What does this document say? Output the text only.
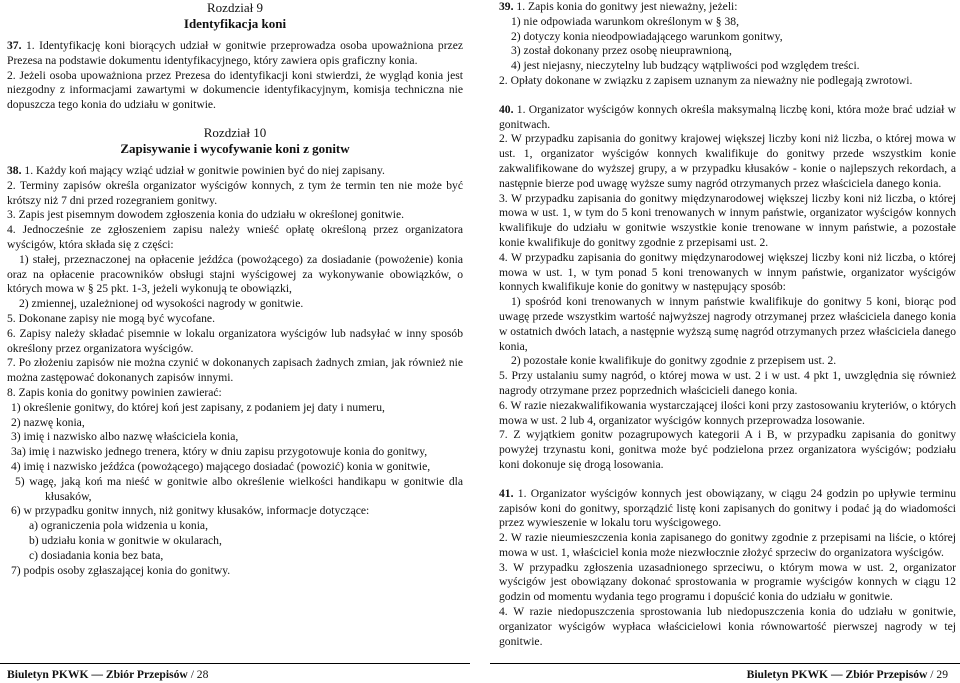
Rozdział 9
Identyfikacja koni

37. 1. Identyfikację koni biorących udział w gonitwie przeprowadza osoba upoważniona przez Prezesa na podstawie dokumentu identyfikacyjnego, który zawiera opis graficzny konia.

2. Jeżeli osoba upoważniona przez Prezesa do identyfikacji koni stwierdzi, że wygląd konia jest niezgodny z informacjami zawartymi w dokumencie identyfikacyjnym, komisja techniczna nie dopuszcza tego konia do udziału w gonitwie.

Rozdział 10
Zapisywanie i wycofywanie koni z gonitw

38. 1. Każdy koń mający wziąć udział w gonitwie powinien być do niej zapisany.

2. Terminy zapisów określa organizator wyścigów konnych, z tym że termin ten nie może być krótszy niż 7 dni przed rozegraniem gonitwy.

3. Zapis jest pisemnym dowodem zgłoszenia konia do udziału w określonej gonitwie.

4. Jednocześnie ze zgłoszeniem zapisu należy wnieść opłatę określoną przez organizatora wyścigów, która składa się z części:

1) stałej, przeznaczonej na opłacenie jeźdźca (powożącego) za dosiadanie (powożenie) konia oraz na opłacenie pracowników obsługi stajni wyścigowej za wykonywanie obowiązków, o których mowa w § 25 pkt. 1-3, jeżeli wykonują te obowiązki,

2) zmiennej, uzależnionej od wysokości nagrody w gonitwie.

5. Dokonane zapisy nie mogą być wycofane.

6. Zapisy należy składać pisemnie w lokalu organizatora wyścigów lub nadsyłać w inny sposób określony przez organizatora wyścigów.

7. Po złożeniu zapisów nie można czynić w dokonanych zapisach żadnych zmian, jak również nie można zastępować dokonanych zapisów innymi.

8. Zapis konia do gonitwy powinien zawierać:

1) określenie gonitwy, do której koń jest zapisany, z podaniem jej daty i numeru,

2) nazwę konia,

3) imię i nazwisko albo nazwę właściciela konia,

3a) imię i nazwisko jednego trenera, który w dniu zapisu przygotowuje konia do gonitwy,

4) imię i nazwisko jeźdźca (powożącego) mającego dosiadać (powozić) konia w gonitwie,

5) wagę, jaką koń ma nieść w gonitwie albo określenie wielkości handikapu w gonitwie dla kłusaków,

6) w przypadku gonitw innych, niż gonitwy kłusaków, informacje dotyczące:

a) ograniczenia pola widzenia u konia,

b) udziału konia w gonitwie w okularach,

c) dosiadania konia bez bata,

7) podpis osoby zgłaszającej konia do gonitwy.

39. 1. Zapis konia do gonitwy jest nieważny, jeżeli:

1) nie odpowiada warunkom określonym w § 38,

2) dotyczy konia nieodpowiadającego warunkom gonitwy,

3) został dokonany przez osobę nieuprawnioną,

4) jest niejasny, nieczytelny lub budzący wątpliwości pod względem treści.

2. Opłaty dokonane w związku z zapisem uznanym za nieważny nie podlegają zwrotowi.

40. 1. Organizator wyścigów konnych określa maksymalną liczbę koni, która może brać udział w gonitwach.

2. W przypadku zapisania do gonitwy krajowej większej liczby koni niż liczba, o której mowa w ust. 1, organizator wyścigów konnych kwalifikuje do gonitwy przede wszystkim konie zakwalifikowane do wyższej grupy, a w przypadku kłusaków - konie o najlepszych rekordach, a następnie bierze pod uwagę wyższe sumy nagród otrzymanych przez właściciela danego konia.

3. W przypadku zapisania do gonitwy międzynarodowej większej liczby koni niż liczba, o której mowa w ust. 1, w tym do 5 koni trenowanych w innym państwie, organizator wyścigów konnych kwalifikuje do udziału w gonitwie wszystkie konie trenowane w innym państwie, a pozostałe konie kwalifikuje do gonitwy zgodnie z przepisami ust. 2.

4. W przypadku zapisania do gonitwy międzynarodowej większej liczby koni niż liczba, o której mowa w ust. 1, w tym ponad 5 koni trenowanych w innym państwie, organizator wyścigów konnych kwalifikuje konie do gonitwy w następujący sposób:

1) spośród koni trenowanych w innym państwie kwalifikuje do gonitwy 5 koni, biorąc pod uwagę przede wszystkim wartość najwyższej nagrody otrzymanej przez właściciela danego konia w ostatnich dwóch latach, a następnie wyższą sumę nagród otrzymanych przez właściciela danego konia,

2) pozostałe konie kwalifikuje do gonitwy zgodnie z przepisem ust. 2.

5. Przy ustalaniu sumy nagród, o której mowa w ust. 2 i w ust. 4 pkt 1, uwzględnia się również nagrody otrzymane przez poprzednich właścicieli danego konia.

6. W razie niezakwalifikowania wystarczającej ilości koni przy zastosowaniu kryteriów, o których mowa w ust. 2 lub 4, organizator wyścigów konnych przeprowadza losowanie.

7. Z wyjątkiem gonitw pozagrupowych kategorii A i B, w przypadku zapisania do gonitwy powyżej trzynastu koni, gonitwa może być podzielona przez organizatora wyścigów; podziału koni dokonuje się drogą losowania.

41. 1. Organizator wyścigów konnych jest obowiązany, w ciągu 24 godzin po upływie terminu zapisów koni do gonitwy, sporządzić listę koni zapisanych do gonitwy i podać ją do wiadomości przez wywieszenie w lokalu toru wyścigowego.

2. W razie nieumieszczenia konia zapisanego do gonitwy zgodnie z przepisami na liście, o której mowa w ust. 1, właściciel konia może niezwłocznie złożyć sprzeciw do organizatora wyścigów.

3. W przypadku zgłoszenia uzasadnionego sprzeciwu, o którym mowa w ust. 2, organizator wyścigów jest obowiązany dokonać sprostowania w programie wyścigów konnych w ciągu 12 godzin od momentu wydania tego programu i dopuścić konia do udziału w gonitwie.

4. W razie niedopuszczenia sprostowania lub niedopuszczenia konia do udziału w gonitwie, organizator wyścigów wypłaca właścicielowi konia równowartość pierwszej nagrody w tej gonitwie.

Biuletyn PKWK — Zbiór Przepisów / 28	Biuletyn PKWK — Zbiór Przepisów / 29
